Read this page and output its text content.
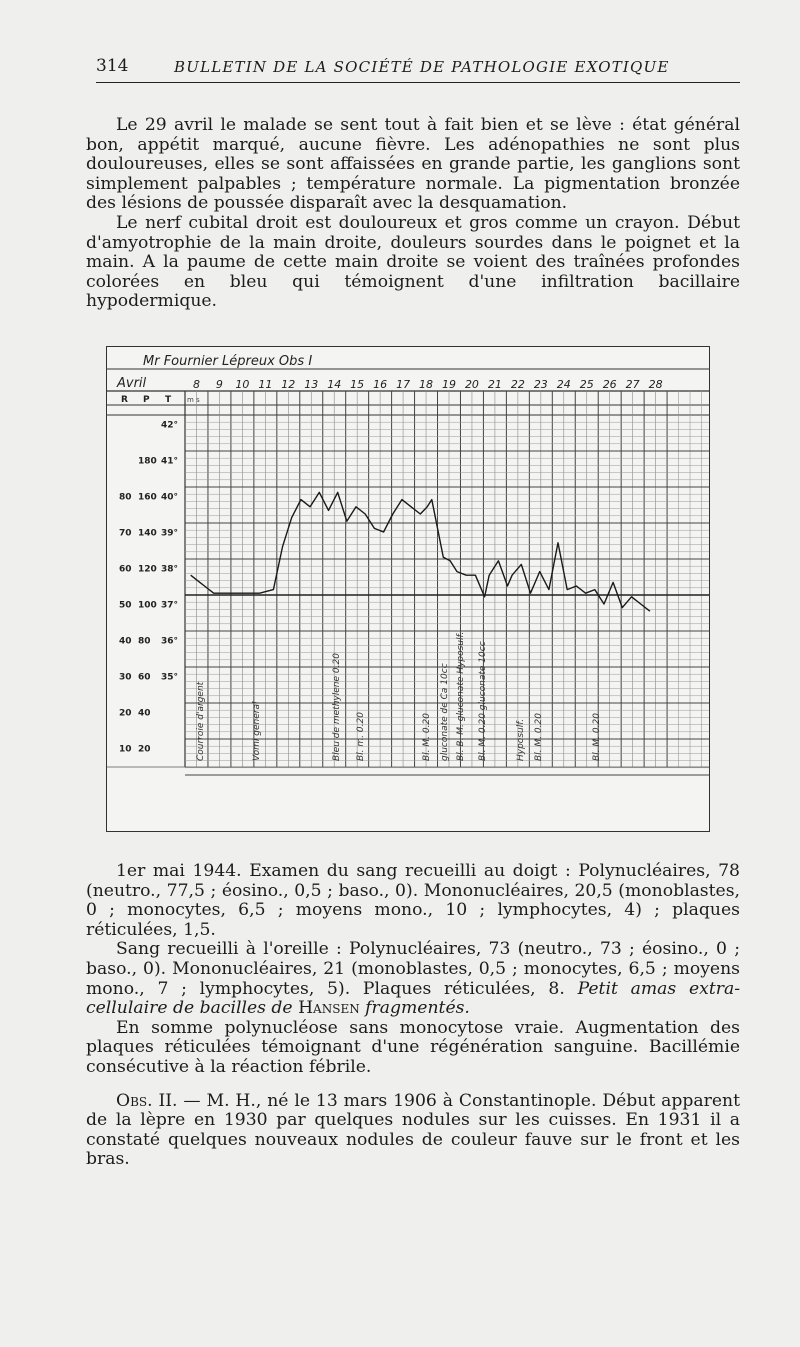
314	BULLETIN DE LA SOCIÉTÉ DE PATHOLOGIE EXOTIQUE

Le 29 avril le malade se sent tout à fait bien et se lève : état général bon, appétit marqué, aucune fièvre. Les adénopathies ne sont plus douloureuses, elles se sont affaissées en grande partie, les ganglions sont simplement palpables ; température normale. La pigmentation bronzée des lésions de poussée disparaît avec la desquamation.

Le nerf cubital droit est douloureux et gros comme un crayon. Début d'amyotrophie de la main droite, douleurs sourdes dans le poignet et la main. A la paume de cette main droite se voient des traînées profondes colorées en bleu qui témoignent d'une infiltration bacillaire hypodermique.

Mr Fournier Lépreux Obs I
Avril
R P T m s
8 9 10 11 12 13 14 15 16 17 18 19 20 21 22 23 24 25 26 27 28
42°
180 41°
80 160 40°
70 140 39°
60 120 38°
50 100 37°
40 80 36°
30 60 35°
20 40
10 20	Courroie d'argent	Vomi general	Bleu de methylene 0.20 Bl. m. 0.20	Bl. M. 0.20 gluconate de Ca 10cc Bl. B. M. gluconate Hyposulf. Bl. M. 0.20 gluconate 10cc	Hyposulf. Bl. M. 0.20	Bl. M. 0.20

1er mai 1944. Examen du sang recueilli au doigt : Polynucléaires, 78 (neutro., 77,5 ; éosino., 0,5 ; baso., 0). Mononucléaires, 20,5 (monoblastes, 0 ; monocytes, 6,5 ; moyens mono., 10 ; lymphocytes, 4) ; plaques réticulées, 1,5.

Sang recueilli à l'oreille : Polynucléaires, 73 (neutro., 73 ; éosino., 0 ; baso., 0). Mononucléaires, 21 (monoblastes, 0,5 ; monocytes, 6,5 ; moyens mono., 7 ; lymphocytes, 5). Plaques réticulées, 8. Petit amas extra-cellulaire de bacilles de Hansen fragmentés.

En somme polynucléose sans monocytose vraie. Augmentation des plaques réticulées témoignant d'une régénération sanguine. Bacillémie consécutive à la réaction fébrile.

Obs. II. — M. H., né le 13 mars 1906 à Constantinople. Début apparent de la lèpre en 1930 par quelques nodules sur les cuisses. En 1931 il a constaté quelques nouveaux nodules de couleur fauve sur le front et les bras.
